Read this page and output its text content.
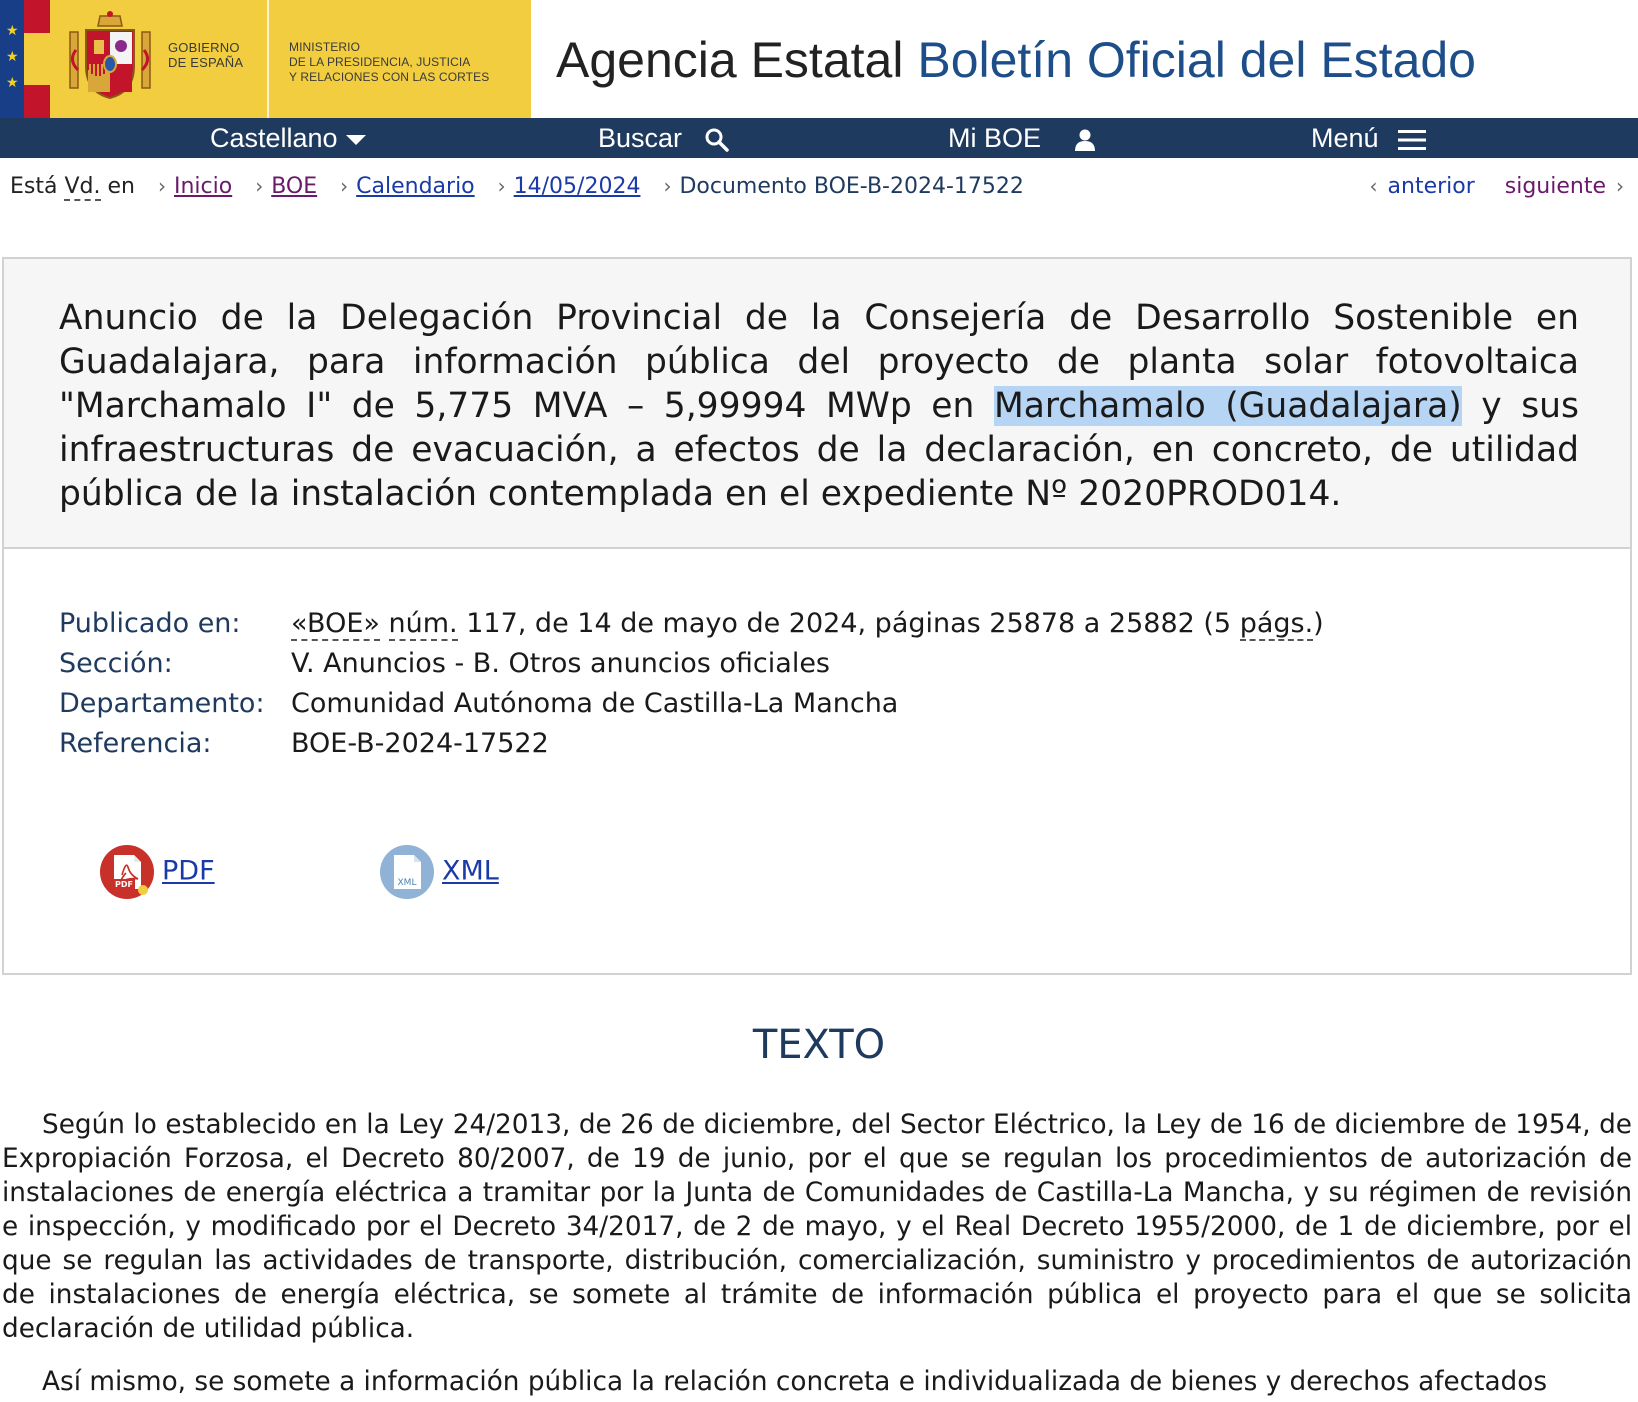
★
★
★
GOBIERNO
DE ESPAÑA
MINISTERIO
DE LA PRESIDENCIA, JUSTICIA
Y RELACIONES CON LAS CORTES Agencia Estatal Boletín Oficial del Estado
Castellano	Buscar	Mi BOE	Menú
Está Vd. en › Inicio › BOE › Calendario › 14/05/2024 › Documento BOE-B-2024-17522	‹ anterior siguiente ›
Anuncio de la Delegación Provincial de la Consejería de Desarrollo Sostenible en Guadalajara, para información pública del proyecto de planta solar fotovoltaica "Marchamalo I" de 5,775 MVA – 5,99994 MWp en Marchamalo (Guadalajara) y sus infraestructuras de evacuación, a efectos de la declaración, en concreto, de utilidad pública de la instalación contemplada en el expediente Nº 2020PROD014.
Publicado en: «BOE» núm. 117, de 14 de mayo de 2024, páginas 25878 a 25882 (5 págs.)
Sección:	V. Anuncios - B. Otros anuncios oficiales
Departamento: Comunidad Autónoma de Castilla-La Mancha
Referencia:	BOE-B-2024-17522
PDF PDF	XML XML
TEXTO

Según lo establecido en la Ley 24/2013, de 26 de diciembre, del Sector Eléctrico, la Ley de 16 de diciembre de 1954, de Expropiación Forzosa, el Decreto 80/2007, de 19 de junio, por el que se regulan los procedimientos de autorización de instalaciones de energía eléctrica a tramitar por la Junta de Comunidades de Castilla-La Mancha, y su régimen de revisión e inspección, y modificado por el Decreto 34/2017, de 2 de mayo, y el Real Decreto 1955/2000, de 1 de diciembre, por el que se regulan las actividades de transporte, distribución, comercialización, suministro y procedimientos de autorización de instalaciones de energía eléctrica, se somete al trámite de información pública el proyecto para el que se solicita declaración de utilidad pública.

Así mismo, se somete a información pública la relación concreta e individualizada de bienes y derechos afectados
